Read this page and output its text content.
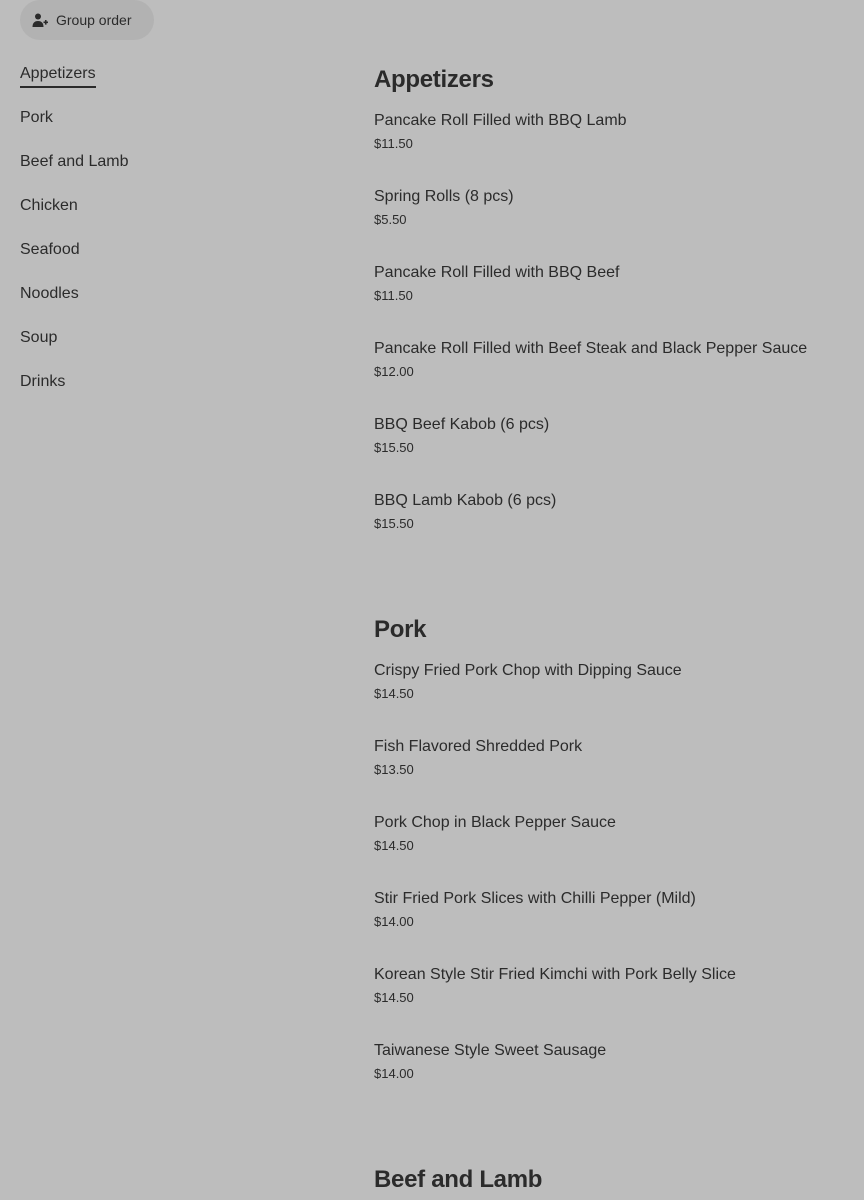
Group order
Appetizers
Pork
Beef and Lamb
Chicken
Seafood
Noodles
Soup
Drinks
Appetizers
Pancake Roll Filled with BBQ Lamb
$11.50
Spring Rolls (8 pcs)
$5.50
Pancake Roll Filled with BBQ Beef
$11.50
Pancake Roll Filled with Beef Steak and Black Pepper Sauce
$12.00
BBQ Beef Kabob (6 pcs)
$15.50
BBQ Lamb Kabob (6 pcs)
$15.50
Pork
Crispy Fried Pork Chop with Dipping Sauce
$14.50
Fish Flavored Shredded Pork
$13.50
Pork Chop in Black Pepper Sauce
$14.50
Stir Fried Pork Slices with Chilli Pepper (Mild)
$14.00
Korean Style Stir Fried Kimchi with Pork Belly Slice
$14.50
Taiwanese Style Sweet Sausage
$14.00
Beef and Lamb
